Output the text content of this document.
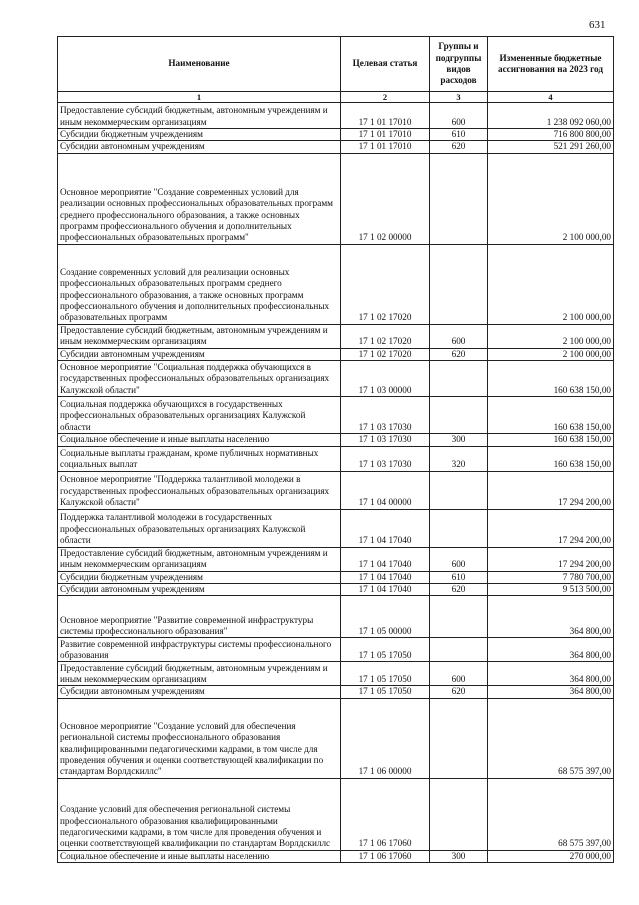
631
Наименование	Целевая статья	Группы и подгруппы видов расходов	Измененные бюджетные ассигнования на 2023 год
1	2	3	4
Предоставление субсидий бюджетным, автономным учреждениям и иным некоммерческим организациям	17 1 01 17010	600	1 238 092 060,00
Субсидии бюджетным учреждениям	17 1 01 17010	610	716 800 800,00
Субсидии автономным учреждениям	17 1 01 17010	620	521 291 260,00
Основное мероприятие "Создание современных условий для реализации основных профессиональных образовательных программ среднего профессионального образования, а также основных программ профессионального обучения и дополнительных профессиональных образовательных программ"	17 1 02 00000		2 100 000,00
Создание современных условий для реализации основных профессиональных образовательных программ среднего профессионального образования, а также основных программ профессионального обучения и дополнительных профессиональных образовательных программ	17 1 02 17020		2 100 000,00
Предоставление субсидий бюджетным, автономным учреждениям и иным некоммерческим организациям	17 1 02 17020	600	2 100 000,00
Субсидии автономным учреждениям	17 1 02 17020	620	2 100 000,00
Основное мероприятие "Социальная поддержка обучающихся в государственных профессиональных образовательных организациях Калужской области"	17 1 03 00000		160 638 150,00
Социальная поддержка обучающихся в государственных профессиональных образовательных организациях Калужской области	17 1 03 17030		160 638 150,00
Социальное обеспечение и иные выплаты населению	17 1 03 17030	300	160 638 150,00
Социальные выплаты гражданам, кроме публичных нормативных социальных выплат	17 1 03 17030	320	160 638 150,00
Основное мероприятие "Поддержка талантливой молодежи в государственных профессиональных образовательных организациях Калужской области"	17 1 04 00000		17 294 200,00
Поддержка талантливой молодежи в государственных профессиональных образовательных организациях Калужской области	17 1 04 17040		17 294 200,00
Предоставление субсидий бюджетным, автономным учреждениям и иным некоммерческим организациям	17 1 04 17040	600	17 294 200,00
Субсидии бюджетным учреждениям	17 1 04 17040	610	7 780 700,00
Субсидии автономным учреждениям	17 1 04 17040	620	9 513 500,00
Основное мероприятие "Развитие современной инфраструктуры системы профессионального образования"	17 1 05 00000		364 800,00
Развитие современной инфраструктуры системы профессионального образования	17 1 05 17050		364 800,00
Предоставление субсидий бюджетным, автономным учреждениям и иным некоммерческим организациям	17 1 05 17050	600	364 800,00
Субсидии автономным учреждениям	17 1 05 17050	620	364 800,00
Основное мероприятие "Создание условий для обеспечения региональной системы профессионального образования квалифицированными педагогическими кадрами, в том числе для проведения обучения и оценки соответствующей квалификации по стандартам Ворлдскиллс"	17 1 06 00000		68 575 397,00
Создание условий для обеспечения региональной системы профессионального образования квалифицированными педагогическими кадрами, в том числе для проведения обучения и оценки соответствующей квалификации по стандартам Ворлдскиллс	17 1 06 17060		68 575 397,00
Социальное обеспечение и иные выплаты населению	17 1 06 17060	300	270 000,00
